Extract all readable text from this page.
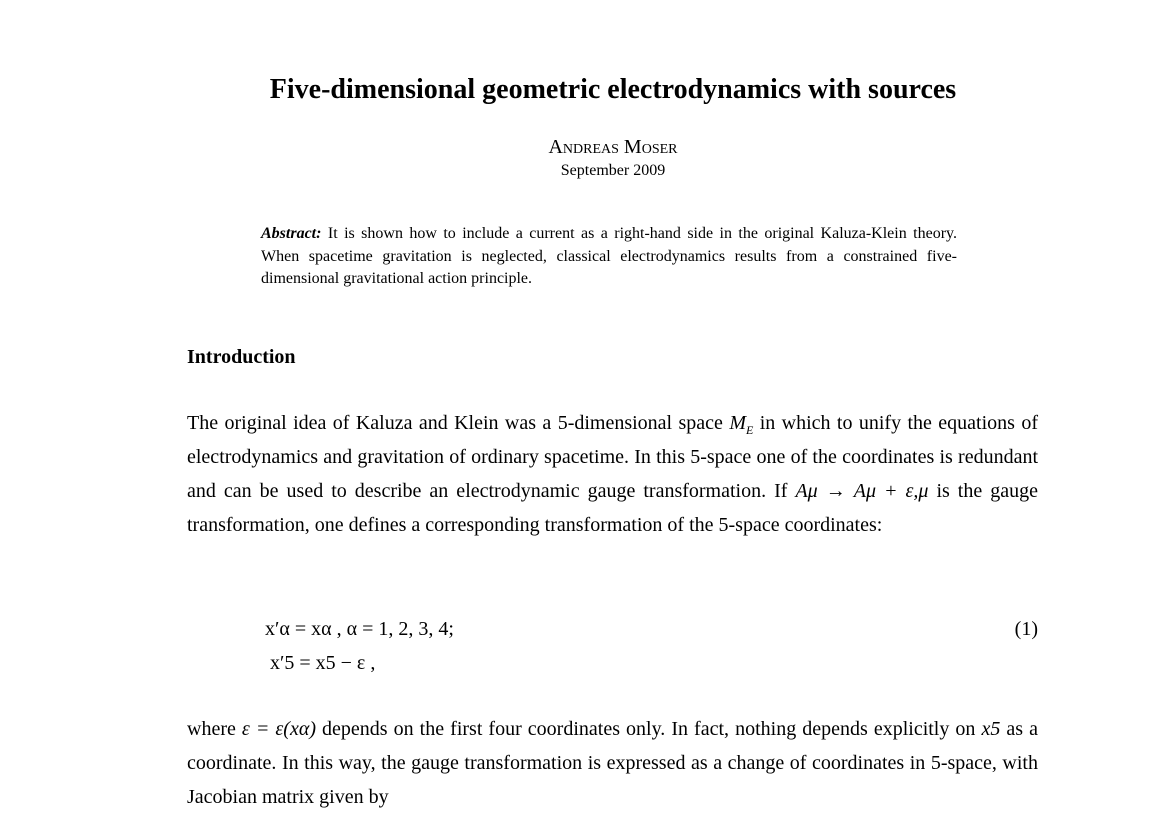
Five-dimensional geometric electrodynamics with sources
Andreas Moser
September 2009
Abstract: It is shown how to include a current as a right-hand side in the original Kaluza-Klein theory. When spacetime gravitation is neglected, classical electrodynamics results from a constrained five-dimensional gravitational action principle.
Introduction
The original idea of Kaluza and Klein was a 5-dimensional space $M_E$ in which to unify the equations of electrodynamics and gravitation of ordinary spacetime. In this 5-space one of the coordinates is redundant and can be used to describe an electrodynamic gauge transformation. If Aμ → Aμ + ε,μ is the gauge transformation, one defines a corresponding transformation of the 5-space coordinates:
x′α = xα , α = 1, 2, 3, 4;
x′5 = x5 − ε ,
(1)
where ε = ε(xα) depends on the first four coordinates only. In fact, nothing depends explicitly on x5 as a coordinate. In this way, the gauge transformation is expressed as a change of coordinates in 5-space, with Jacobian matrix given by
